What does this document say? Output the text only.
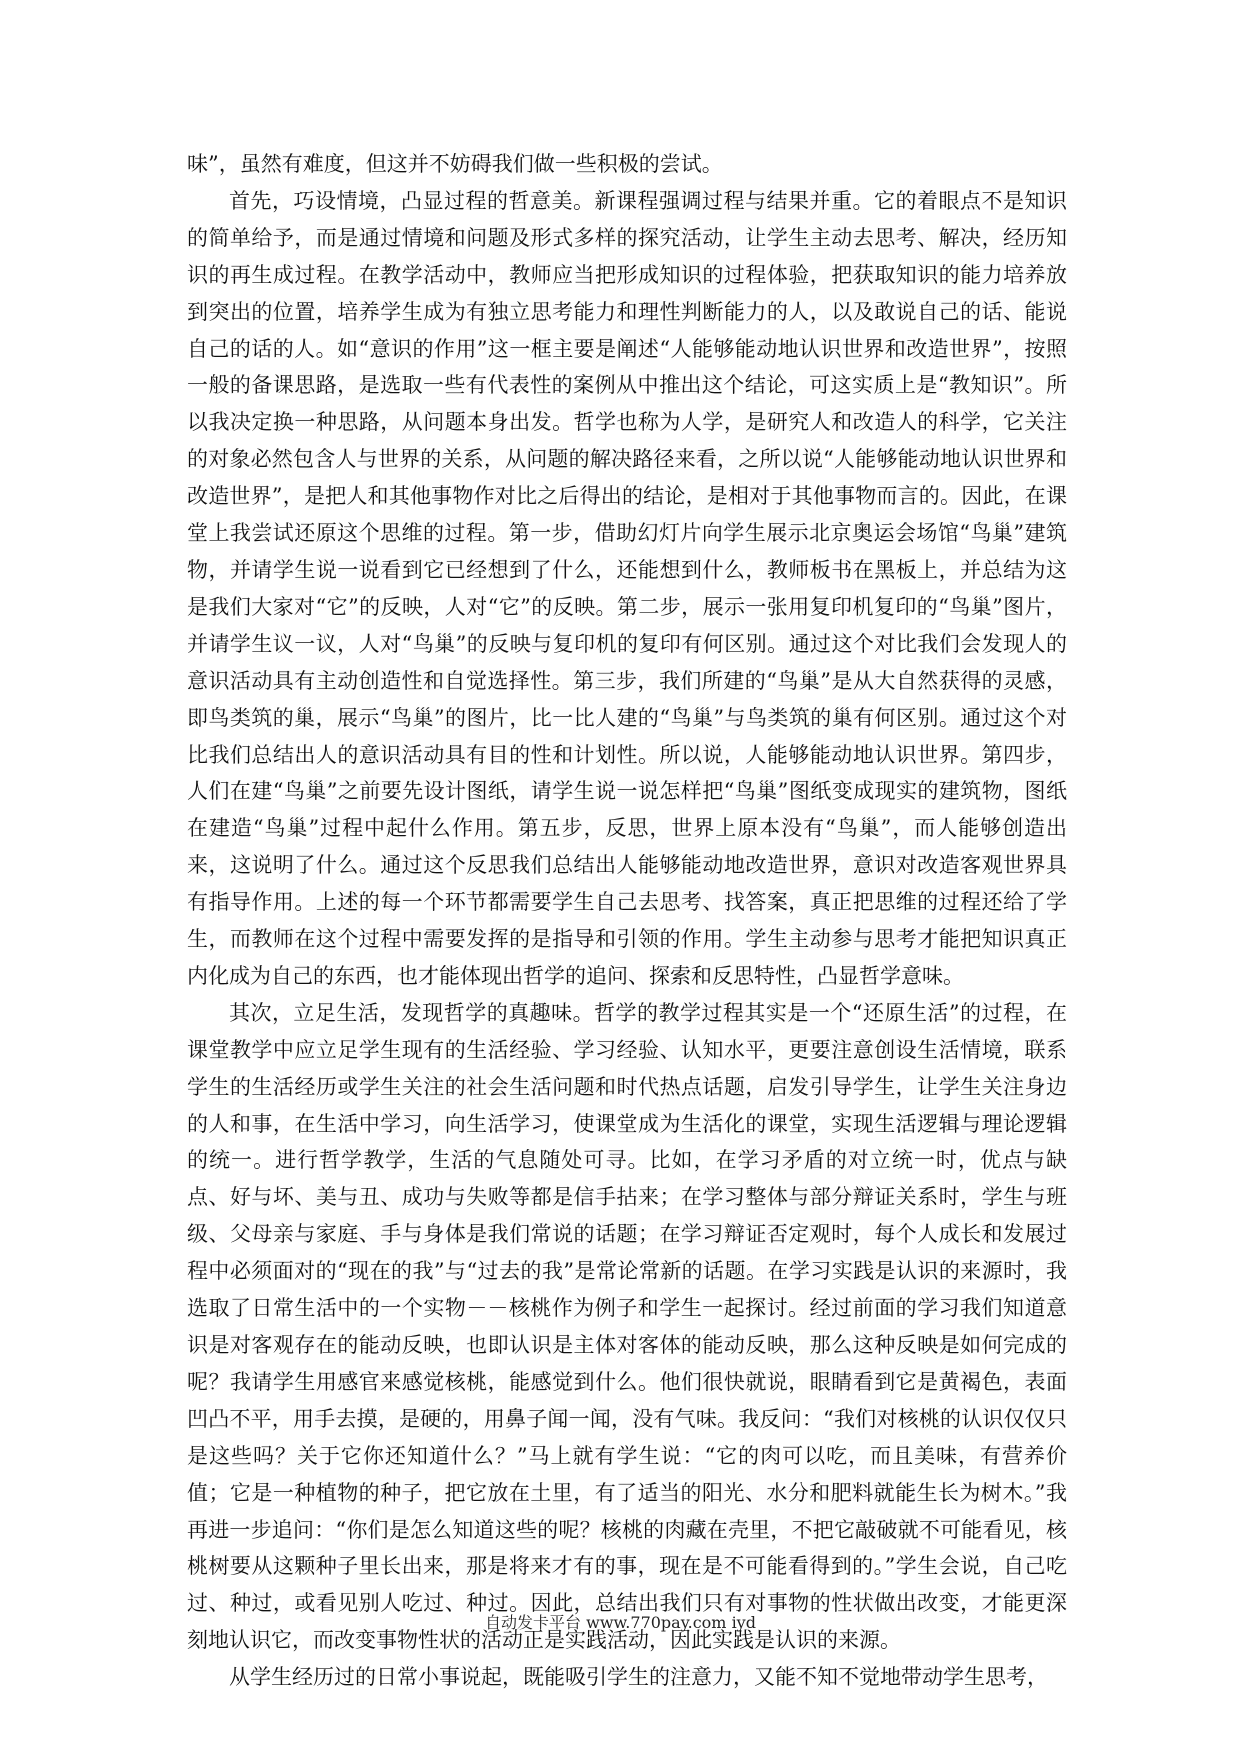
味”，虽然有难度，但这并不妨碍我们做一些积极的尝试。

首先，巧设情境，凸显过程的哲意美。新课程强调过程与结果并重。它的着眼点不是知识的简单给予，而是通过情境和问题及形式多样的探究活动，让学生主动去思考、解决，经历知识的再生成过程。在教学活动中，教师应当把形成知识的过程体验，把获取知识的能力培养放到突出的位置，培养学生成为有独立思考能力和理性判断能力的人，以及敢说自己的话、能说自己的话的人。如“意识的作用”这一框主要是阐述“人能够能动地认识世界和改造世界”，按照一般的备课思路，是选取一些有代表性的案例从中推出这个结论，可这实质上是“教知识”。所以我决定换一种思路，从问题本身出发。哲学也称为人学，是研究人和改造人的科学，它关注的对象必然包含人与世界的关系，从问题的解决路径来看，之所以说“人能够能动地认识世界和改造世界”，是把人和其他事物作对比之后得出的结论，是相对于其他事物而言的。因此，在课堂上我尝试还原这个思维的过程。第一步，借助幻灯片向学生展示北京奥运会场馆“鸟巢”建筑物，并请学生说一说看到它已经想到了什么，还能想到什么，教师板书在黑板上，并总结为这是我们大家对“它”的反映，人对“它”的反映。第二步，展示一张用复印机复印的“鸟巢”图片，并请学生议一议，人对“鸟巢”的反映与复印机的复印有何区别。通过这个对比我们会发现人的意识活动具有主动创造性和自觉选择性。第三步，我们所建的“鸟巢”是从大自然获得的灵感，即鸟类筑的巢，展示“鸟巢”的图片，比一比人建的“鸟巢”与鸟类筑的巢有何区别。通过这个对比我们总结出人的意识活动具有目的性和计划性。所以说，人能够能动地认识世界。第四步，人们在建“鸟巢”之前要先设计图纸，请学生说一说怎样把“鸟巢”图纸变成现实的建筑物，图纸在建造“鸟巢”过程中起什么作用。第五步，反思，世界上原本没有“鸟巢”，而人能够创造出来，这说明了什么。通过这个反思我们总结出人能够能动地改造世界，意识对改造客观世界具有指导作用。上述的每一个环节都需要学生自己去思考、找答案，真正把思维的过程还给了学生，而教师在这个过程中需要发挥的是指导和引领的作用。学生主动参与思考才能把知识真正内化成为自己的东西，也才能体现出哲学的追问、探索和反思特性，凸显哲学意味。

其次，立足生活，发现哲学的真趣味。哲学的教学过程其实是一个“还原生活”的过程，在课堂教学中应立足学生现有的生活经验、学习经验、认知水平，更要注意创设生活情境，联系学生的生活经历或学生关注的社会生活问题和时代热点话题，启发引导学生，让学生关注身边的人和事，在生活中学习，向生活学习，使课堂成为生活化的课堂，实现生活逻辑与理论逻辑的统一。进行哲学教学，生活的气息随处可寻。比如，在学习矛盾的对立统一时，优点与缺点、好与坏、美与丑、成功与失败等都是信手拈来；在学习整体与部分辩证关系时，学生与班级、父母亲与家庭、手与身体是我们常说的话题；在学习辩证否定观时，每个人成长和发展过程中必须面对的“现在的我”与“过去的我”是常论常新的话题。在学习实践是认识的来源时，我选取了日常生活中的一个实物－－核桃作为例子和学生一起探讨。经过前面的学习我们知道意识是对客观存在的能动反映，也即认识是主体对客体的能动反映，那么这种反映是如何完成的呢？我请学生用感官来感觉核桃，能感觉到什么。他们很快就说，眼睛看到它是黄褐色，表面凹凸不平，用手去摸，是硬的，用鼻子闻一闻，没有气味。我反问：“我们对核桃的认识仅仅只是这些吗？关于它你还知道什么？”马上就有学生说：“它的肉可以吃，而且美味，有营养价值；它是一种植物的种子，把它放在土里，有了适当的阳光、水分和肥料就能生长为树木。”我再进一步追问：“你们是怎么知道这些的呢？核桃的肉藏在壳里，不把它敲破就不可能看见，核桃树要从这颗种子里长出来，那是将来才有的事，现在是不可能看得到的。”学生会说，自己吃过、种过，或看见别人吃过、种过。因此，总结出我们只有对事物的性状做出改变，才能更深刻地认识它，而改变事物性状的活动正是实践活动，因此实践是认识的来源。

从学生经历过的日常小事说起，既能吸引学生的注意力，又能不知不觉地带动学生思考，

自动发卡平台 www.770pay.com iyd
